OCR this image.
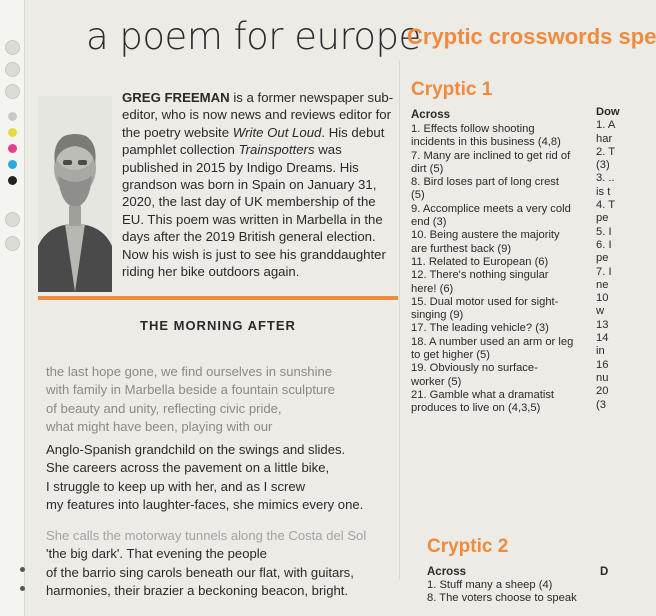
a poem for europe
Cryptic crosswords spe
GREG FREEMAN is a former newspaper sub-editor, who is now news and reviews editor for the poetry website Write Out Loud. His debut pamphlet collection Trainspotters was published in 2015 by Indigo Dreams. His grandson was born in Spain on January 31, 2020, the last day of UK membership of the EU. This poem was written in Marbella in the days after the 2019 British general election. Now his wish is just to see his granddaughter riding her bike outdoors again.
THE MORNING AFTER
the last hope gone, we find ourselves in sunshine
with family in Marbella beside a fountain sculpture
of beauty and unity, reflecting civic pride,
what might have been, playing with our
Anglo-Spanish grandchild on the swings and slides.
She careers across the pavement on a little bike,
I struggle to keep up with her, and as I screw
my features into laughter-faces, she mimics every one.
She calls the motorway tunnels along the Costa del Sol
'the big dark'. That evening the people
of the barrio sing carols beneath our flat, with guitars,
harmonies, their brazier a beckoning beacon, bright.
Cryptic 1
Across
1. Effects follow shooting
incidents in this business (4,8)
7. Many are inclined to get rid of
dirt (5)
8. Bird loses part of long crest
(5)
9. Accomplice meets a very cold
end (3)
10. Being austere the majority
are furthest back (9)
11. Related to European (6)
12. There's nothing singular
here! (6)
15. Dual motor used for sight-
singing (9)
17. The leading vehicle? (3)
18. A number used an arm or leg
to get higher (5)
19. Obviously no surface-
worker (5)
21. Gamble what a dramatist
produces to live on (4,3,5)
Dow
1. A
har
2. T
(3)
3. ..
is t
4. T
pe
5. I
6. I
pe
7. I
ne
10
w
13
14
in
16
nu
20
(3
Cryptic 2
Across
1. Stuff many a sheep (4)
8. The voters choose to speak
D
